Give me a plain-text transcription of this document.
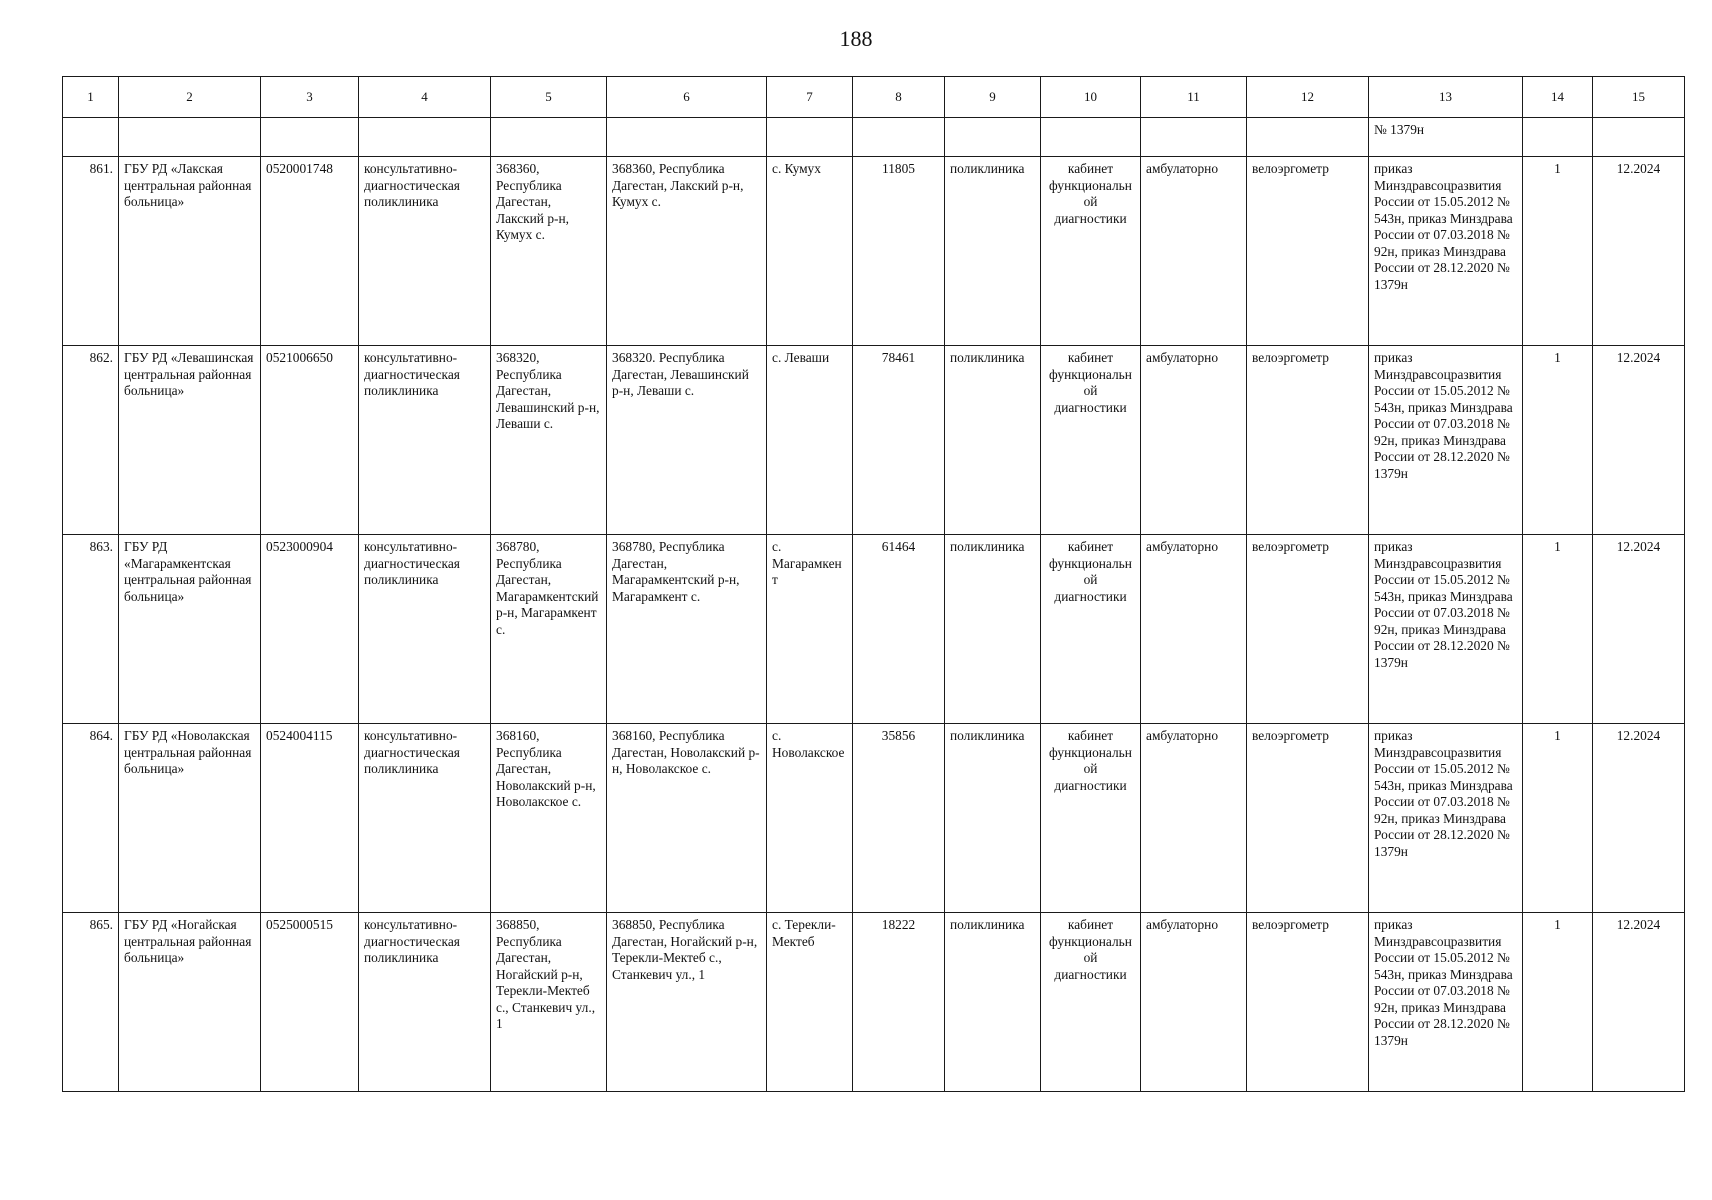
188
1	2	3	4	5	6	7	8	9	10	11	12	13	14	15
												№ 1379н		
861.	ГБУ РД «Лакская центральная районная больница»	0520001748	консультативно-диагностическая поликлиника	368360, Республика Дагестан, Лакский р-н, Кумух с.	368360, Республика Дагестан, Лакский р-н, Кумух с.	с. Кумух	11805	поликлиника	кабинет функциональной диагностики	амбулаторно	велоэргометр	приказ Минздравсоцразвития России от 15.05.2012 № 543н, приказ Минздрава России от 07.03.2018 № 92н, приказ Минздрава России от 28.12.2020 № 1379н	1	12.2024
862.	ГБУ РД «Левашинская центральная районная больница»	0521006650	консультативно-диагностическая поликлиника	368320, Республика Дагестан, Левашинский р-н, Леваши с.	368320. Республика Дагестан, Левашинский р-н, Леваши с.	с. Леваши	78461	поликлиника	кабинет функциональной диагностики	амбулаторно	велоэргометр	приказ Минздравсоцразвития России от 15.05.2012 № 543н, приказ Минздрава России от 07.03.2018 № 92н, приказ Минздрава России от 28.12.2020 № 1379н	1	12.2024
863.	ГБУ РД «Магарамкентская центральная районная больница»	0523000904	консультативно-диагностическая поликлиника	368780, Республика Дагестан, Магарамкентский р-н, Магарамкент с.	368780, Республика Дагестан, Магарамкентский р-н, Магарамкент с.	с. Магарамкент	61464	поликлиника	кабинет функциональной диагностики	амбулаторно	велоэргометр	приказ Минздравсоцразвития России от 15.05.2012 № 543н, приказ Минздрава России от 07.03.2018 № 92н, приказ Минздрава России от 28.12.2020 № 1379н	1	12.2024
864.	ГБУ РД «Новолакская центральная районная больница»	0524004115	консультативно-диагностическая поликлиника	368160, Республика Дагестан, Новолакский р-н, Новолакское с.	368160, Республика Дагестан, Новолакский р-н, Новолакское с.	с. Новолакское	35856	поликлиника	кабинет функциональной диагностики	амбулаторно	велоэргометр	приказ Минздравсоцразвития России от 15.05.2012 № 543н, приказ Минздрава России от 07.03.2018 № 92н, приказ Минздрава России от 28.12.2020 № 1379н	1	12.2024
865.	ГБУ РД «Ногайская центральная районная больница»	0525000515	консультативно-диагностическая поликлиника	368850, Республика Дагестан, Ногайский р-н, Терекли-Мектеб с., Станкевич ул., 1	368850, Республика Дагестан, Ногайский р-н, Терекли-Мектеб с., Станкевич ул., 1	с. Терекли-Мектеб	18222	поликлиника	кабинет функциональной диагностики	амбулаторно	велоэргометр	приказ Минздравсоцразвития России от 15.05.2012 № 543н, приказ Минздрава России от 07.03.2018 № 92н, приказ Минздрава России от 28.12.2020 № 1379н	1	12.2024
